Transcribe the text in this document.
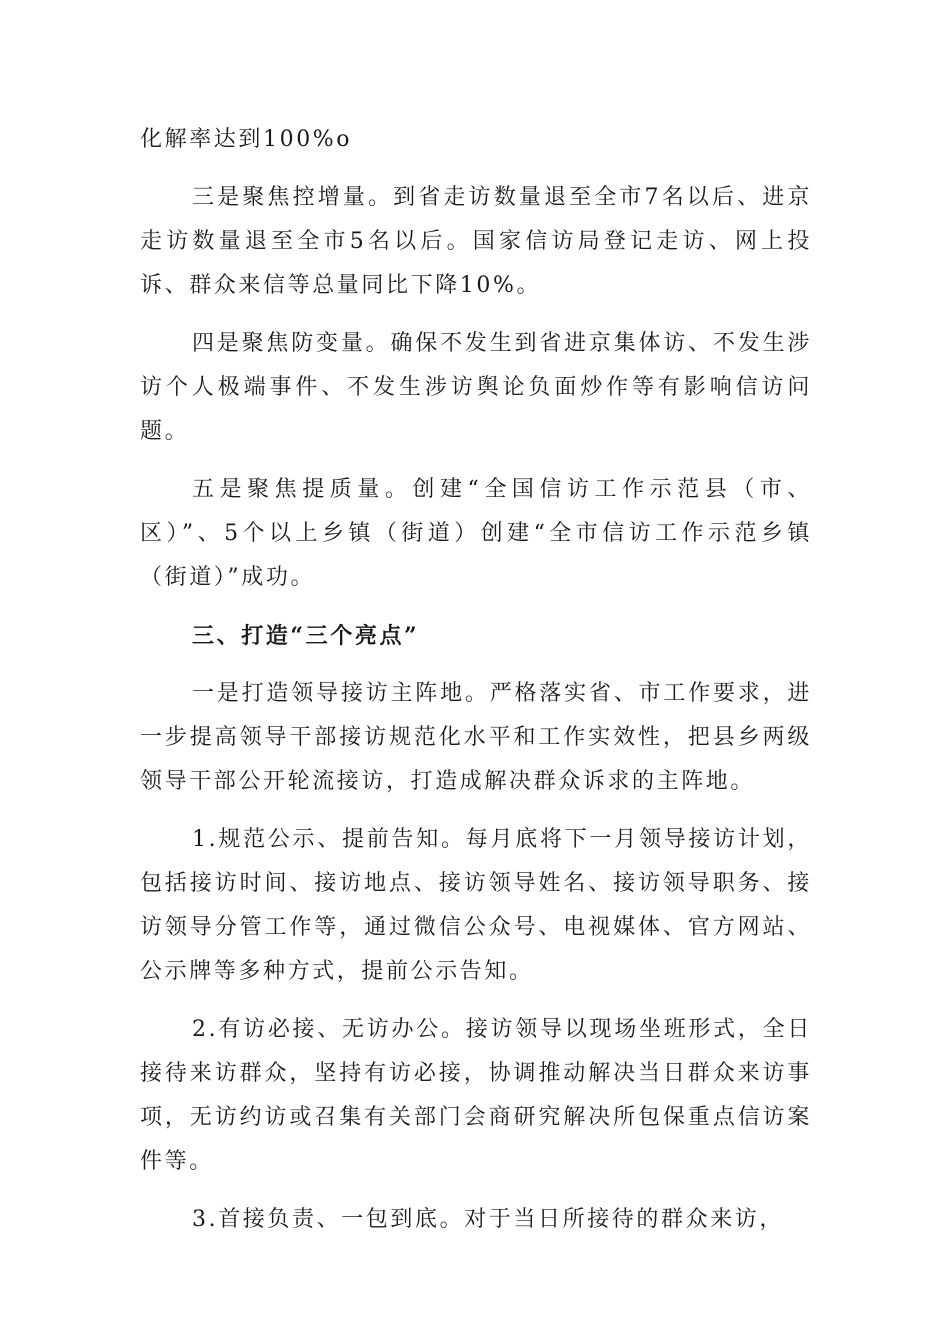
化解率达到100%o

三是聚焦控增量。到省走访数量退至全市7名以后、进京走访数量退至全市5名以后。国家信访局登记走访、网上投诉、群众来信等总量同比下降10%。

四是聚焦防变量。确保不发生到省进京集体访、不发生涉访个人极端事件、不发生涉访舆论负面炒作等有影响信访问题。

五是聚焦提质量。创建“全国信访工作示范县（市、区）”、5个以上乡镇（街道）创建“全市信访工作示范乡镇（街道）”成功。

三、打造“三个亮点”

一是打造领导接访主阵地。严格落实省、市工作要求，进一步提高领导干部接访规范化水平和工作实效性，把县乡两级领导干部公开轮流接访，打造成解决群众诉求的主阵地。

1.规范公示、提前告知。每月底将下一月领导接访计划，包括接访时间、接访地点、接访领导姓名、接访领导职务、接访领导分管工作等，通过微信公众号、电视媒体、官方网站、公示牌等多种方式，提前公示告知。

2.有访必接、无访办公。接访领导以现场坐班形式，全日接待来访群众，坚持有访必接，协调推动解决当日群众来访事项，无访约访或召集有关部门会商研究解决所包保重点信访案件等。

3.首接负责、一包到底。对于当日所接待的群众来访，
